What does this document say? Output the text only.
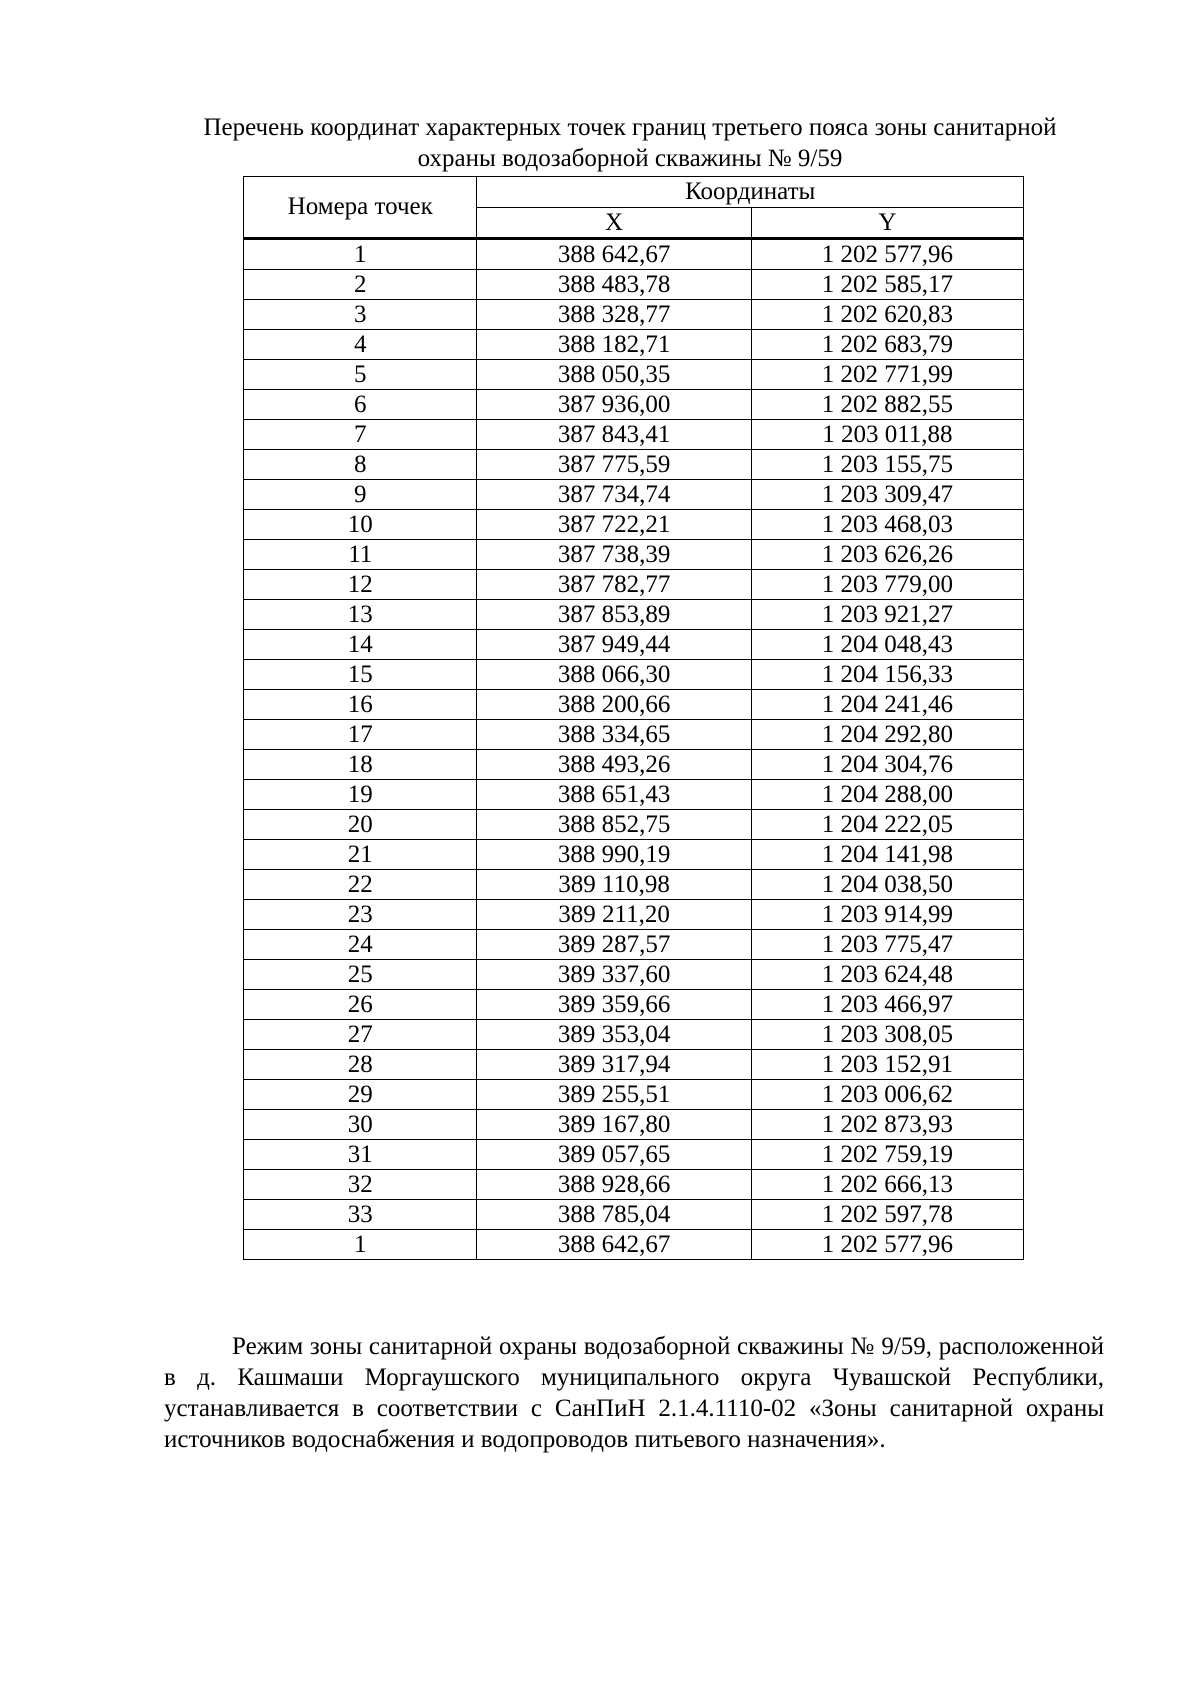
Перечень координат характерных точек границ третьего пояса зоны санитарной
охраны водозаборной скважины № 9/59
Номера точек	Координаты	
	X	Y
1	388 642,67	1 202 577,96
2	388 483,78	1 202 585,17
3	388 328,77	1 202 620,83
4	388 182,71	1 202 683,79
5	388 050,35	1 202 771,99
6	387 936,00	1 202 882,55
7	387 843,41	1 203 011,88
8	387 775,59	1 203 155,75
9	387 734,74	1 203 309,47
10	387 722,21	1 203 468,03
11	387 738,39	1 203 626,26
12	387 782,77	1 203 779,00
13	387 853,89	1 203 921,27
14	387 949,44	1 204 048,43
15	388 066,30	1 204 156,33
16	388 200,66	1 204 241,46
17	388 334,65	1 204 292,80
18	388 493,26	1 204 304,76
19	388 651,43	1 204 288,00
20	388 852,75	1 204 222,05
21	388 990,19	1 204 141,98
22	389 110,98	1 204 038,50
23	389 211,20	1 203 914,99
24	389 287,57	1 203 775,47
25	389 337,60	1 203 624,48
26	389 359,66	1 203 466,97
27	389 353,04	1 203 308,05
28	389 317,94	1 203 152,91
29	389 255,51	1 203 006,62
30	389 167,80	1 202 873,93
31	389 057,65	1 202 759,19
32	388 928,66	1 202 666,13
33	388 785,04	1 202 597,78
1	388 642,67	1 202 577,96
Режим зоны санитарной охраны водозаборной скважины № 9/59, расположенной в д. Кашмаши Моргаушского муниципального округа Чувашской Республики, устанавливается в соответствии с СанПиН 2.1.4.1110-02 «Зоны санитарной охраны источников водоснабжения и водопроводов питьевого назначения».
